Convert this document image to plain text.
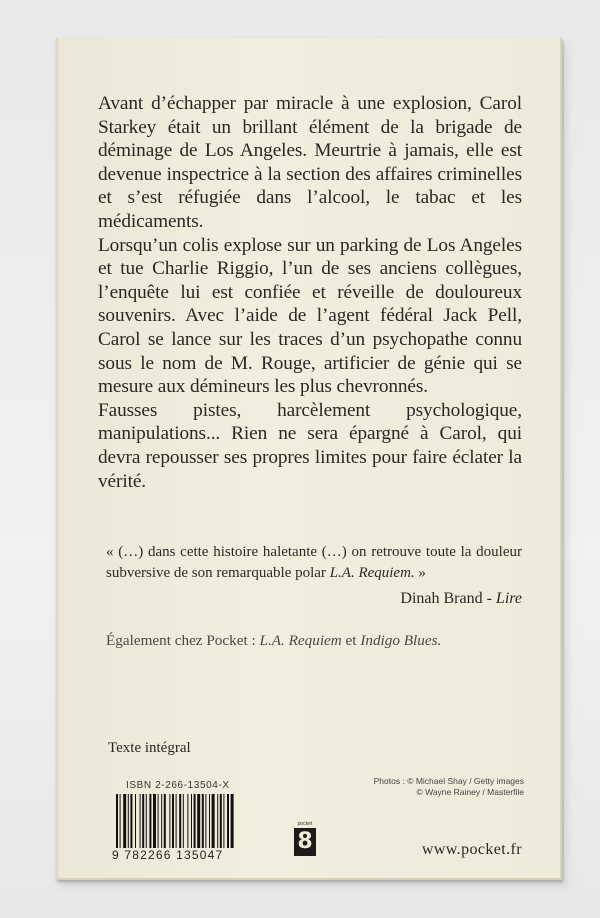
Avant d’échapper par miracle à une explosion, Carol Starkey était un brillant élément de la brigade de déminage de Los Angeles. Meurtrie à jamais, elle est devenue inspectrice à la section des affaires criminelles et s’est réfugiée dans l’alcool, le tabac et les médicaments.

Lorsqu’un colis explose sur un parking de Los Angeles et tue Charlie Riggio, l’un de ses anciens collègues, l’enquête lui est confiée et réveille de douloureux souvenirs. Avec l’aide de l’agent fédéral Jack Pell, Carol se lance sur les traces d’un psychopathe connu sous le nom de M. Rouge, artificier de génie qui se mesure aux démineurs les plus chevronnés.

Fausses pistes, harcèlement psychologique, manipulations... Rien ne sera épargné à Carol, qui devra repousser ses propres limites pour faire éclater la vérité.

« (…) dans cette histoire haletante (…) on retrouve toute la douleur subversive de son remarquable polar L.A. Requiem. »
Dinah Brand - Lire
Également chez Pocket : L.A. Requiem et Indigo Blues.
Texte intégral
ISBN 2-266-13504-X	Photos : © Michael Shay / Getty images
© Wayne Rainey / Masterfile
9 782266 135047
pocket
8	www.pocket.fr
